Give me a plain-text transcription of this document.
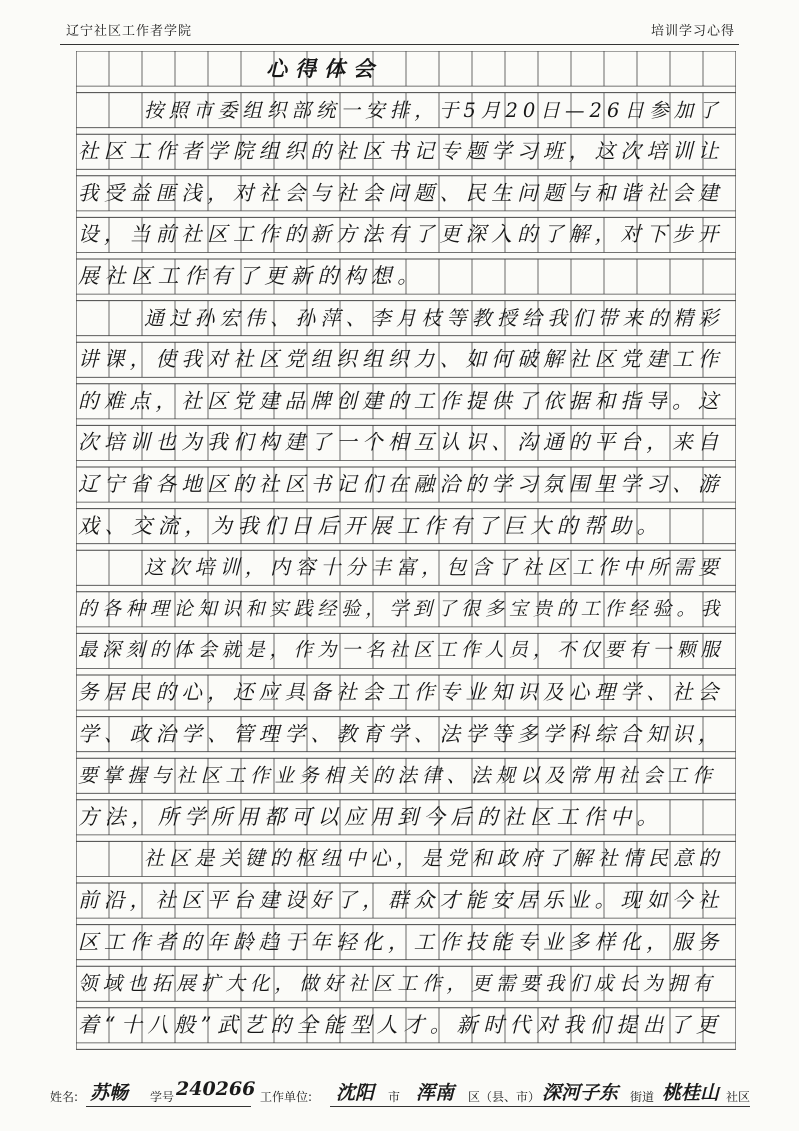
辽宁社区工作者学院	培训学习心得
心得体会
按照市委组织部统一安排，于5月20日—26日参加了
社区工作者学院组织的社区书记专题学习班，这次培训让
我受益匪浅，对社会与社会问题、民生问题与和谐社会建
设，当前社区工作的新方法有了更深入的了解，对下步开
展社区工作有了更新的构想。
通过孙宏伟、孙萍、李月枝等教授给我们带来的精彩
讲课，使我对社区党组织组织力、如何破解社区党建工作
的难点，社区党建品牌创建的工作提供了依据和指导。这
次培训也为我们构建了一个相互认识、沟通的平台，来自
辽宁省各地区的社区书记们在融洽的学习氛围里学习、游
戏、交流，为我们日后开展工作有了巨大的帮助。
这次培训，内容十分丰富，包含了社区工作中所需要
的各种理论知识和实践经验，学到了很多宝贵的工作经验。我
最深刻的体会就是，作为一名社区工作人员，不仅要有一颗服
务居民的心，还应具备社会工作专业知识及心理学、社会
学、政治学、管理学、教育学、法学等多学科综合知识，
要掌握与社区工作业务相关的法律、法规以及常用社会工作
方法，所学所用都可以应用到今后的社区工作中。
社区是关键的枢纽中心，是党和政府了解社情民意的
前沿，社区平台建设好了，群众才能安居乐业。现如今社
区工作者的年龄趋于年轻化，工作技能专业多样化，服务
领域也拓展扩大化，做好社区工作，更需要我们成长为拥有
着“十八般”武艺的全能型人才。新时代对我们提出了更
姓名: 苏畅 学号 240266 工作单位: 沈阳 市 浑南 区（县、市） 深河子东 街道 桃桂山 社区
